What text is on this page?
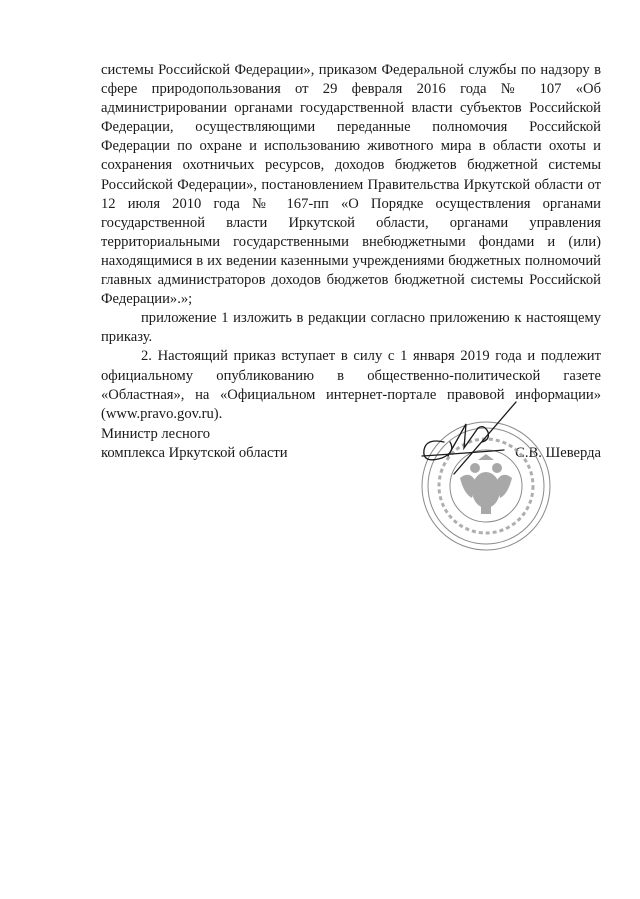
системы Российской Федерации», приказом Федеральной службы по надзору в сфере природопользования от 29 февраля 2016 года № 107 «Об администрировании органами государственной власти субъектов Российской Федерации, осуществляющими переданные полномочия Российской Федерации по охране и использованию животного мира в области охоты и сохранения охотничьих ресурсов, доходов бюджетов бюджетной системы Российской Федерации», постановлением Правительства Иркутской области от 12 июля 2010 года № 167-пп «О Порядке осуществления органами государственной власти Иркутской области, органами управления территориальными государственными внебюджетными фондами и (или) находящимися в их ведении казенными учреждениями бюджетных полномочий главных администраторов доходов бюджетов бюджетной системы Российской Федерации».»;

приложение 1 изложить в редакции согласно приложению к настоящему приказу.

2. Настоящий приказ вступает в силу с 1 января 2019 года и подлежит официальному опубликованию в общественно-политической газете «Областная», на «Официальном интернет-портале правовой информации» (www.pravo.gov.ru).

Министр лесного
комплекса Иркутской области	С.В. Шеверда
